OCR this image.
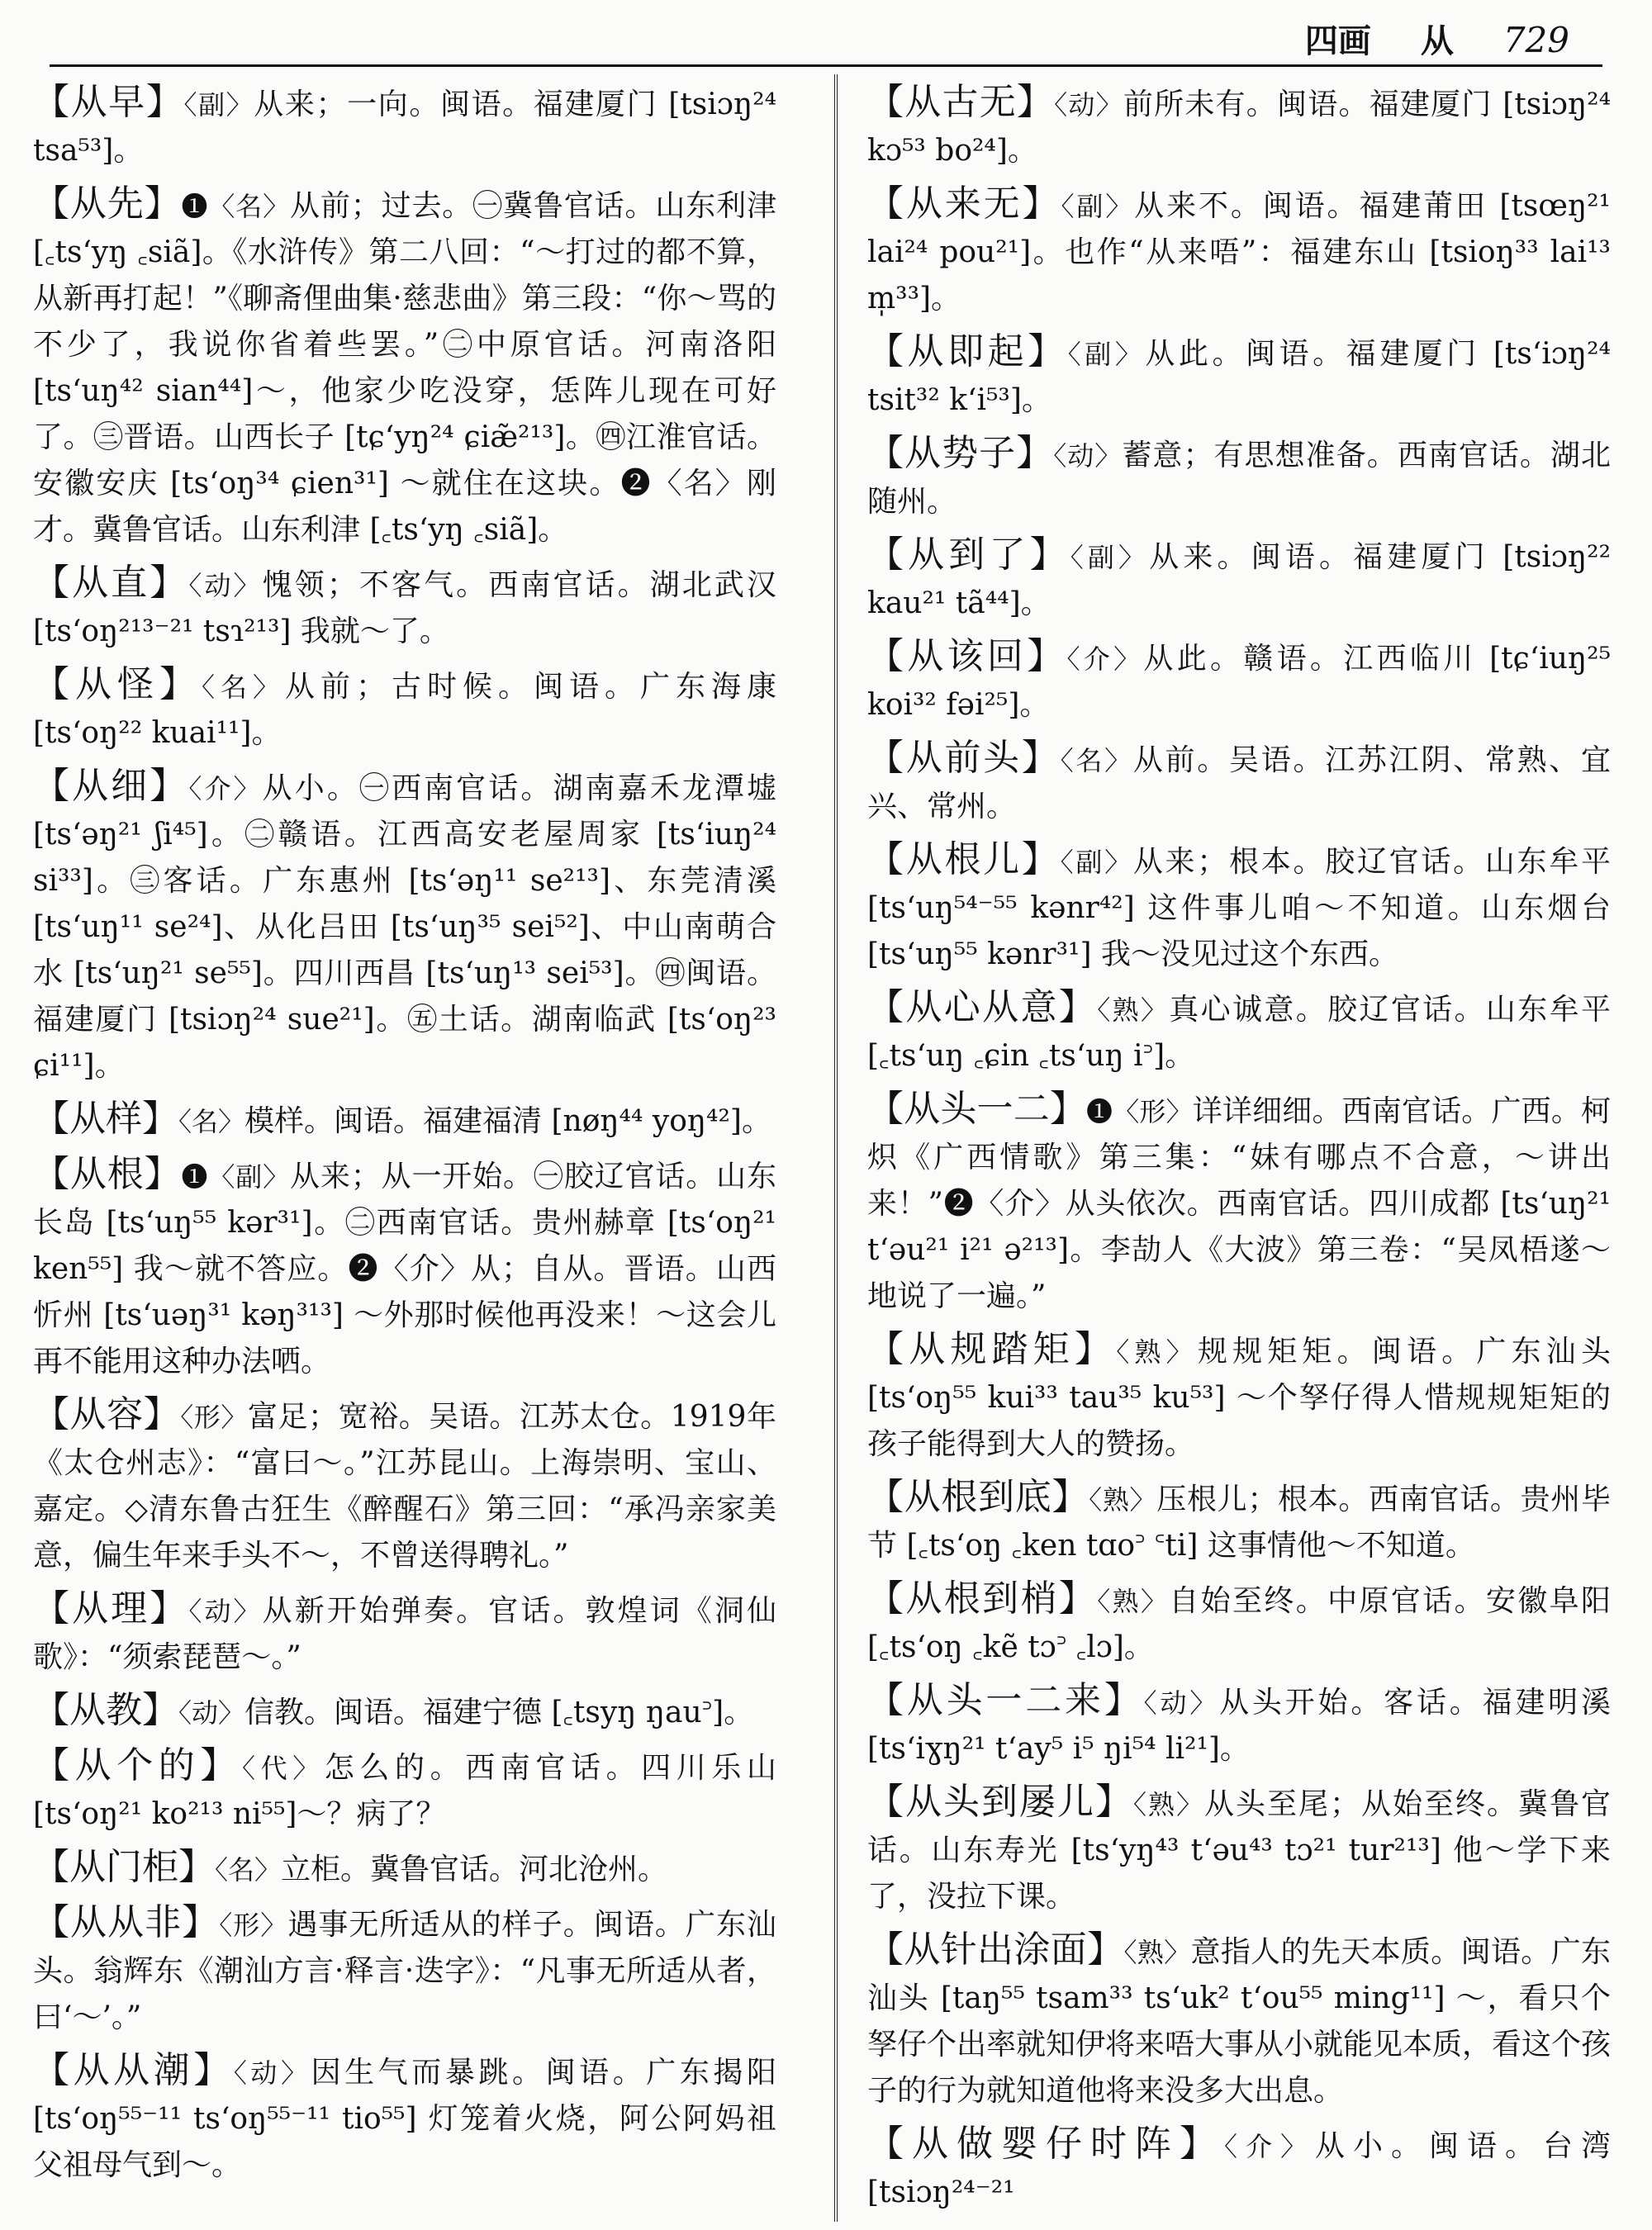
四画 从 729
【从早】〈副〉从来；一向。闽语。福建厦门 [tsiɔŋ²⁴ tsa⁵³]。
【从先】❶〈名〉从前；过去。㊀冀鲁官话。山东利津 [꜀ts‘yŋ ꜀siã]。《水浒传》第二八回：“～打过的都不算，从新再打起！”《聊斋俚曲集·慈悲曲》第三段：“你～骂的不少了，我说你省着些罢。”㊁中原官话。河南洛阳 [ts‘uŋ⁴² sian⁴⁴]～，他家少吃没穿，恁阵儿现在可好了。㊂晋语。山西长子 [tɕ‘yŋ²⁴ ɕiæ̃²¹³]。㊃江淮官话。安徽安庆 [ts‘oŋ³⁴ ɕien³¹] ～就住在这块。❷〈名〉刚才。冀鲁官话。山东利津 [꜀ts‘yŋ ꜀siã]。
【从直】〈动〉愧领；不客气。西南官话。湖北武汉 [ts‘oŋ²¹³⁻²¹ tsɿ²¹³] 我就～了。
【从怪】〈名〉从前；古时候。闽语。广东海康 [ts‘oŋ²² kuai¹¹]。
【从细】〈介〉从小。㊀西南官话。湖南嘉禾龙潭墟 [ts‘əŋ²¹ ʃi⁴⁵]。㊁赣语。江西高安老屋周家 [ts‘iuŋ²⁴ si³³]。㊂客话。广东惠州 [ts‘əŋ¹¹ se²¹³]、东莞清溪 [ts‘uŋ¹¹ se²⁴]、从化吕田 [ts‘uŋ³⁵ sei⁵²]、中山南萌合水 [ts‘uŋ²¹ se⁵⁵]。四川西昌 [ts‘uŋ¹³ sei⁵³]。㊃闽语。福建厦门 [tsiɔŋ²⁴ sue²¹]。㊄土话。湖南临武 [ts‘oŋ²³ ɕi¹¹]。
【从样】〈名〉模样。闽语。福建福清 [nøŋ⁴⁴ yoŋ⁴²]。
【从根】❶〈副〉从来；从一开始。㊀胶辽官话。山东长岛 [ts‘uŋ⁵⁵ kər³¹]。㊁西南官话。贵州赫章 [ts‘oŋ²¹ ken⁵⁵] 我～就不答应。❷〈介〉从；自从。晋语。山西忻州 [ts‘uəŋ³¹ kəŋ³¹³] ～外那时候他再没来！～这会儿再不能用这种办法哂。
【从容】〈形〉富足；宽裕。吴语。江苏太仓。1919年《太仓州志》：“富曰～。”江苏昆山。上海崇明、宝山、嘉定。◇清东鲁古狂生《醉醒石》第三回：“承冯亲家美意，偏生年来手头不～，不曾送得聘礼。”
【从理】〈动〉从新开始弹奏。官话。敦煌词《洞仙歌》：“须索琵琶～。”
【从教】〈动〉信教。闽语。福建宁德 [꜀tsyŋ ŋau꜄]。
【从个的】〈代〉怎么的。西南官话。四川乐山 [ts‘oŋ²¹ ko²¹³ ni⁵⁵]～？病了？
【从门柜】〈名〉立柜。冀鲁官话。河北沧州。
【从从非】〈形〉遇事无所适从的样子。闽语。广东汕头。翁辉东《潮汕方言·释言·迭字》：“凡事无所适从者，曰‘～’。”
【从从潮】〈动〉因生气而暴跳。闽语。广东揭阳 [ts‘oŋ⁵⁵⁻¹¹ ts‘oŋ⁵⁵⁻¹¹ tio⁵⁵] 灯笼着火烧，阿公阿妈祖父祖母气到～。
【从古无】〈动〉前所未有。闽语。福建厦门 [tsiɔŋ²⁴ kɔ⁵³ bo²⁴]。
【从来无】〈副〉从来不。闽语。福建莆田 [tsœŋ²¹ lai²⁴ pou²¹]。也作“从来唔”：福建东山 [tsioŋ³³ lai¹³ m̩³³]。
【从即起】〈副〉从此。闽语。福建厦门 [ts‘iɔŋ²⁴ tsit³² k‘i⁵³]。
【从势子】〈动〉蓄意；有思想准备。西南官话。湖北随州。
【从到了】〈副〉从来。闽语。福建厦门 [tsiɔŋ²² kau²¹ tã⁴⁴]。
【从该回】〈介〉从此。赣语。江西临川 [tɕ‘iuŋ²⁵ koi³² fəi²⁵]。
【从前头】〈名〉从前。吴语。江苏江阴、常熟、宜兴、常州。
【从根儿】〈副〉从来；根本。胶辽官话。山东牟平 [ts‘uŋ⁵⁴⁻⁵⁵ kənr⁴²] 这件事儿咱～不知道。山东烟台 [ts‘uŋ⁵⁵ kənr³¹] 我～没见过这个东西。
【从心从意】〈熟〉真心诚意。胶辽官话。山东牟平 [꜀ts‘uŋ ꜀ɕin ꜀ts‘uŋ i꜄]。
【从头一二】❶〈形〉详详细细。西南官话。广西。柯炽《广西情歌》第三集：“妹有哪点不合意，～讲出来！”❷〈介〉从头依次。西南官话。四川成都 [ts‘uŋ²¹ t‘əu²¹ i²¹ ə²¹³]。李劼人《大波》第三卷：“吴凤梧遂～地说了一遍。”
【从规踏矩】〈熟〉规规矩矩。闽语。广东汕头 [ts‘oŋ⁵⁵ kui³³ tau³⁵ ku⁵³] ～个孥仔得人惜规规矩矩的孩子能得到大人的赞扬。
【从根到底】〈熟〉压根儿；根本。西南官话。贵州毕节 [꜀ts‘oŋ ꜀ken tɑo꜄ ꜂ti] 这事情他～不知道。
【从根到梢】〈熟〉自始至终。中原官话。安徽阜阳 [꜀ts‘oŋ ꜀kẽ tɔ꜄ ꜀lɔ]。
【从头一二来】〈动〉从头开始。客话。福建明溪 [ts‘iɣŋ²¹ t‘ay⁵ i⁵ ŋi⁵⁴ li²¹]。
【从头到屡儿】〈熟〉从头至尾；从始至终。冀鲁官话。山东寿光 [ts‘yŋ⁴³ t‘əu⁴³ tɔ²¹ tur²¹³] 他～学下来了，没拉下课。
【从针出涂面】〈熟〉意指人的先天本质。闽语。广东汕头 [taŋ⁵⁵ tsam³³ ts‘uk² t‘ou⁵⁵ ming¹¹] ～，看只个孥仔个出率就知伊将来唔大事从小就能见本质，看这个孩子的行为就知道他将来没多大出息。
【从做婴仔时阵】〈介〉从小。闽语。台湾 [tsiɔŋ²⁴⁻²¹
